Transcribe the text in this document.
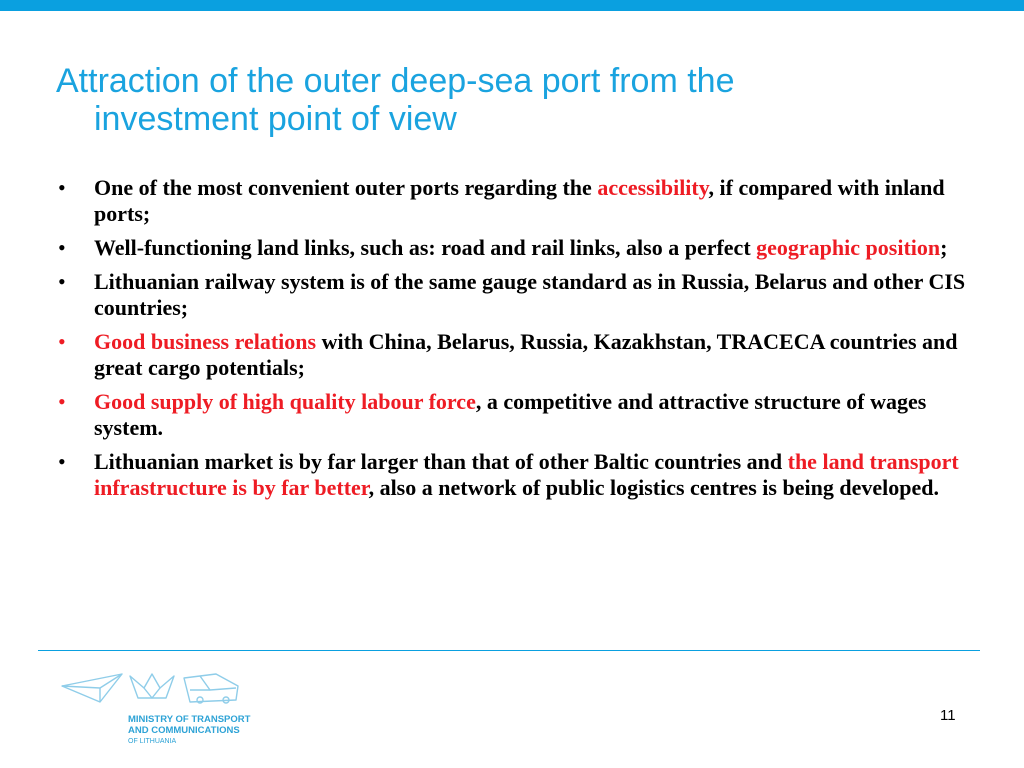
Attraction of the outer deep-sea port from the
investment point of view
• One of the most convenient outer ports regarding the accessibility, if compared with inland ports;
• Well-functioning land links, such as: road and rail links, also a perfect geographic position;
• Lithuanian railway system is of the same gauge standard as in Russia, Belarus and other CIS countries;
• Good business relations with China, Belarus, Russia, Kazakhstan, TRACECA countries and great cargo potentials;
• Good supply of high quality labour force, a competitive and attractive structure of wages system.
• Lithuanian market is by far larger than that of other Baltic countries and the land transport infrastructure is by far better, also a network of public logistics centres is being developed.
MINISTRY OF TRANSPORT
AND COMMUNICATIONS
OF LITHUANIA
11
